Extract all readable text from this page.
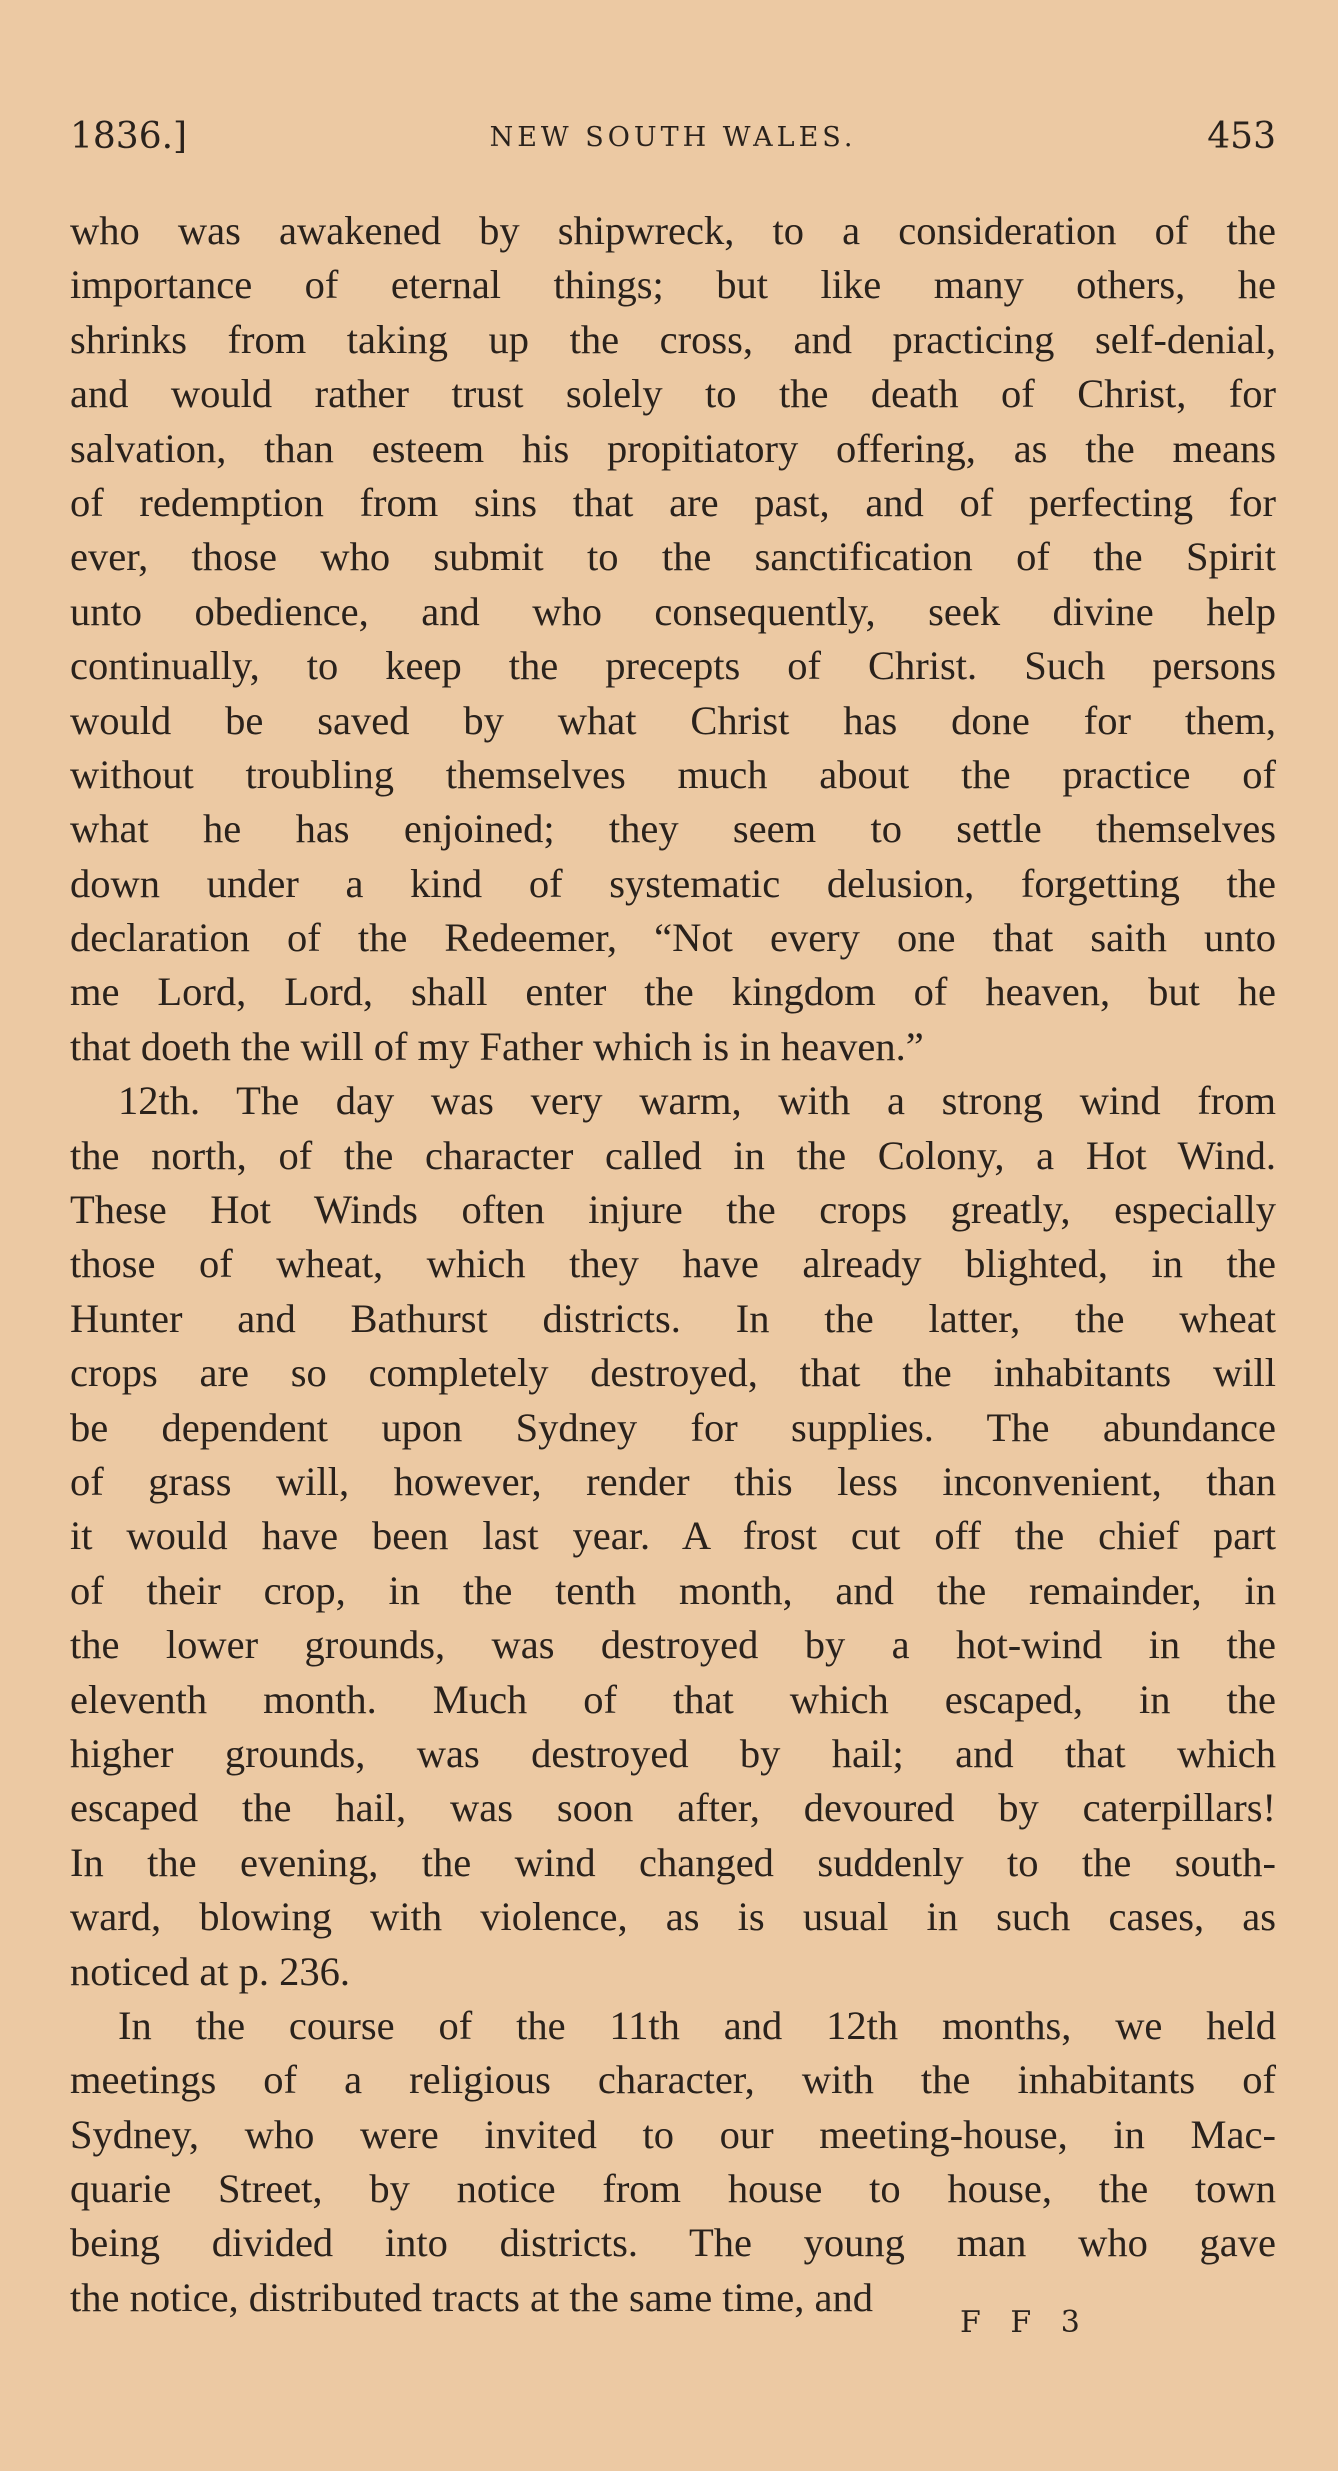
1836.]	NEW SOUTH WALES.	453
who was awakened by shipwreck, to a consideration of the
importance of eternal things; but like many others, he
shrinks from taking up the cross, and practicing self-denial,
and would rather trust solely to the death of Christ, for
salvation, than esteem his propitiatory offering, as the means
of redemption from sins that are past, and of perfecting for
ever, those who submit to the sanctification of the Spirit
unto obedience, and who consequently, seek divine help
continually, to keep the precepts of Christ. Such persons
would be saved by what Christ has done for them,
without troubling themselves much about the practice of
what he has enjoined; they seem to settle themselves
down under a kind of systematic delusion, forgetting the
declaration of the Redeemer, “Not every one that saith unto
me Lord, Lord, shall enter the kingdom of heaven, but he
that doeth the will of my Father which is in heaven.”
12th. The day was very warm, with a strong wind from
the north, of the character called in the Colony, a Hot Wind.
These Hot Winds often injure the crops greatly, especially
those of wheat, which they have already blighted, in the
Hunter and Bathurst districts. In the latter, the wheat
crops are so completely destroyed, that the inhabitants will
be dependent upon Sydney for supplies. The abundance
of grass will, however, render this less inconvenient, than
it would have been last year. A frost cut off the chief part
of their crop, in the tenth month, and the remainder, in
the lower grounds, was destroyed by a hot-wind in the
eleventh month. Much of that which escaped, in the
higher grounds, was destroyed by hail; and that which
escaped the hail, was soon after, devoured by caterpillars!
In the evening, the wind changed suddenly to the south-
ward, blowing with violence, as is usual in such cases, as
noticed at p. 236.
In the course of the 11th and 12th months, we held
meetings of a religious character, with the inhabitants of
Sydney, who were invited to our meeting-house, in Mac-
quarie Street, by notice from house to house, the town
being divided into districts. The young man who gave
the notice, distributed tracts at the same time, and
F F 3
